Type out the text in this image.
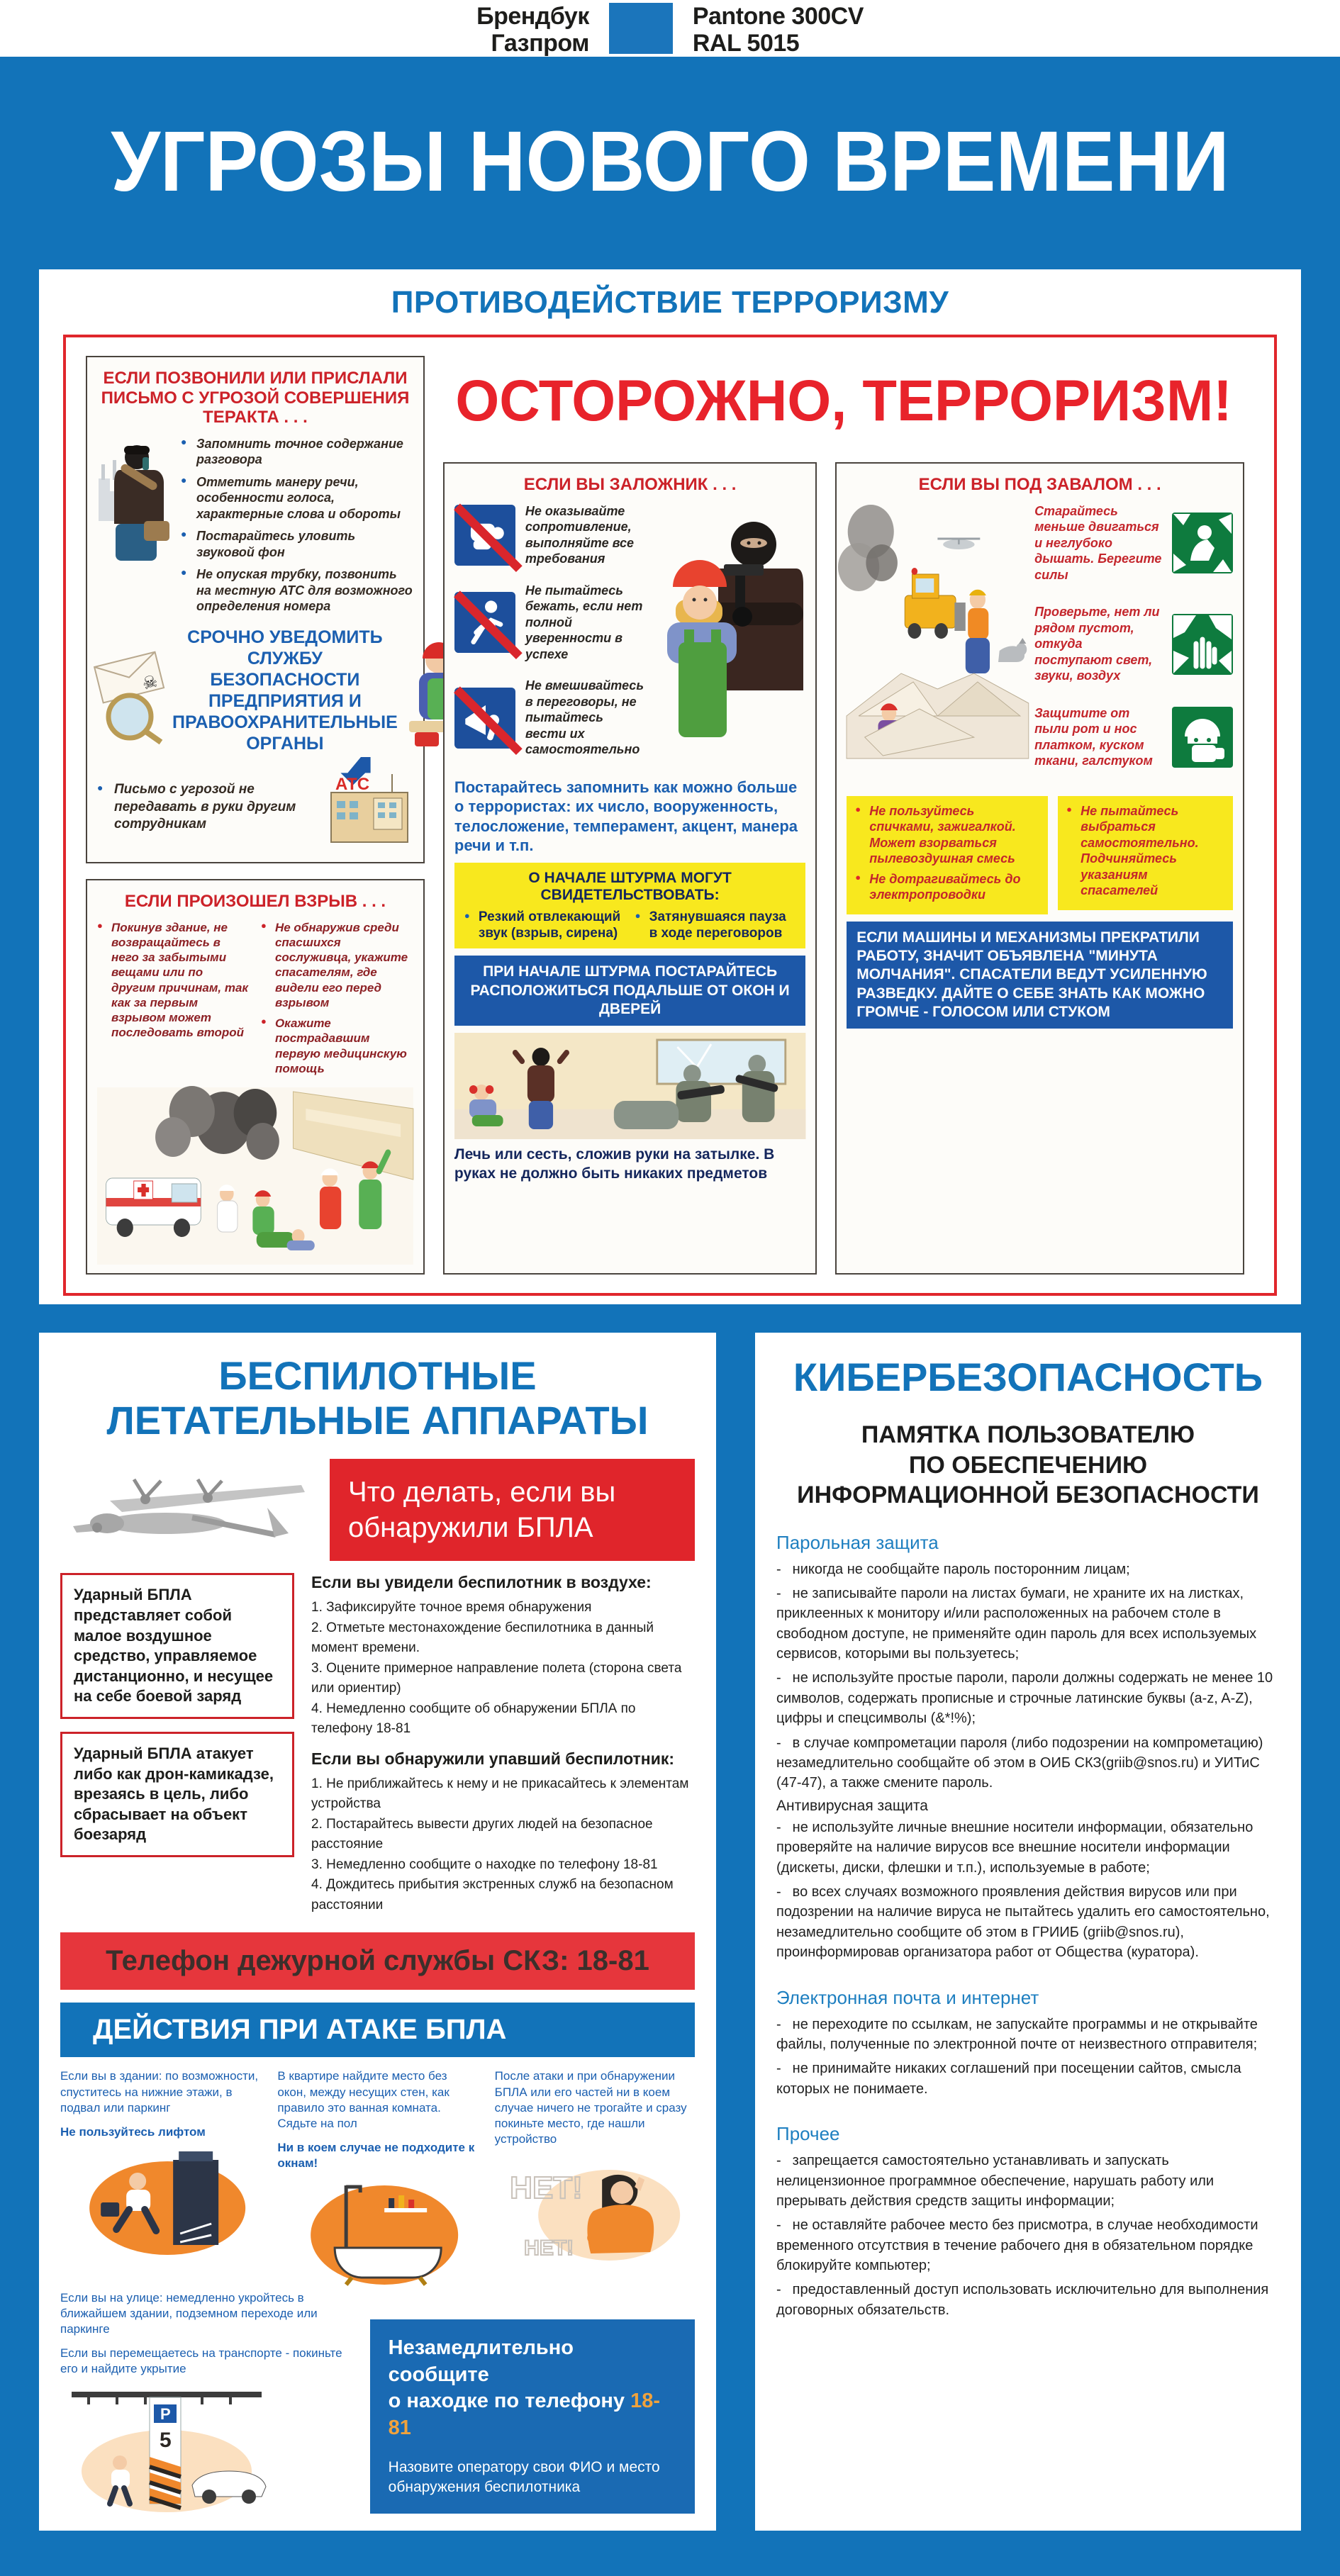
Брендбук
Газпром
Pantone 300CV
RAL 5015
УГРОЗЫ НОВОГО ВРЕМЕНИ
ПРОТИВОДЕЙСТВИЕ ТЕРРОРИЗМУ
ЕСЛИ ПОЗВОНИЛИ ИЛИ ПРИСЛАЛИ ПИСЬМО С УГРОЗОЙ СОВЕРШЕНИЯ ТЕРАКТА . . .
● Запомнить точное содержание разговора
● Отметить манеру речи, особенности голоса, характерные слова и обороты
● Постарайтесь уловить звуковой фон
● Не опуская трубку, позвонить на местную АТС для возможного определения номера
☠
СРОЧНО УВЕДОМИТЬ СЛУЖБУ БЕЗОПАСНОСТИ ПРЕДПРИЯТИЯ И ПРАВООХРАНИТЕЛЬНЫЕ ОРГАНЫ
● Письмо с угрозой не передавать в руки другим сотрудникам
АТС
ОСТОРОЖНО, ТЕРРОРИЗМ!
ЕСЛИ ВЫ ЗАЛОЖНИК . . .
Не оказывайте сопротивление, выполняйте все требования
Не пытайтесь бежать, если нет полной уверенности в успехе
Не вмешивайтесь в переговоры, не пытайтесь вести их самостоятельно
Постарайтесь запомнить как можно больше о террористах: их число, вооруженность, телосложение, темперамент, акцент, манера речи и т.п.
О НАЧАЛЕ ШТУРМА МОГУТ СВИДЕТЕЛЬСТВОВАТЬ:
● Резкий отвлекающий звук (взрыв, сирена)
● Затянувшаяся пауза в ходе переговоров
ПРИ НАЧАЛЕ ШТУРМА ПОСТАРАЙТЕСЬ РАСПОЛОЖИТЬСЯ ПОДАЛЬШЕ ОТ ОКОН И ДВЕРЕЙ
Лечь или сесть, сложив руки на затылке. В руках не должно быть никаких предметов
ЕСЛИ ВЫ ПОД ЗАВАЛОМ . . .
Старайтесь меньше двигаться и неглубоко дышать. Берегите силы
Проверьте, нет ли рядом пустот, откуда поступают свет, звуки, воздух
Защитите от пыли рот и нос платком, куском ткани, галстуком
● Не пользуйтесь спичками, зажигалкой. Может взорваться пылевоздушная смесь
● Не дотрагивайтесь до электропроводки
● Не пытайтесь выбраться самостоятельно. Подчиняйтесь указаниям спасателей
ЕСЛИ МАШИНЫ И МЕХАНИЗМЫ ПРЕКРАТИЛИ РАБОТУ, ЗНАЧИТ ОБЪЯВЛЕНА "МИНУТА МОЛЧАНИЯ". СПАСАТЕЛИ ВЕДУТ УСИЛЕННУЮ РАЗВЕДКУ. ДАЙТЕ О СЕБЕ ЗНАТЬ КАК МОЖНО ГРОМЧЕ - ГОЛОСОМ ИЛИ СТУКОМ
ЕСЛИ ПРОИЗОШЕЛ ВЗРЫВ . . .
● Покинув здание, не возвращайтесь в него за забытыми вещами или по другим причинам, так как за первым взрывом может последовать второй
● Не обнаружив среди спасшихся сослуживца, укажите спасателям, где видели его перед взрывом
● Окажите пострадавшим первую медицинскую помощь
БЕСПИЛОТНЫЕ
ЛЕТАТЕЛЬНЫЕ АППАРАТЫ
Что делать, если вы обнаружили БПЛА
Ударный БПЛА представляет собой малое воздушное средство, управляемое дистанционно, и несущее на себе боевой заряд
Ударный БПЛА атакует либо как дрон-камикадзе, врезаясь в цель, либо сбрасывает на объект боезаряд
Если вы увидели беспилотник в воздухе:
1. Зафиксируйте точное время обнаружения
2. Отметьте местонахождение беспилотника в данный момент времени.
3. Оцените примерное направление полета (сторона света или ориентир)
4. Немедленно сообщите об обнаружении БПЛА по телефону 18-81
Если вы обнаружили упавший беспилотник:
1. Не приближайтесь к нему и не прикасайтесь к элементам устройства
2. Постарайтесь вывести других людей на безопасное расстояние
3. Немедленно сообщите о находке по телефону 18-81
4. Дождитесь прибытия экстренных служб на безопасном расстоянии
Телефон дежурной службы СКЗ: 18-81
ДЕЙСТВИЯ ПРИ АТАКЕ БПЛА

Если вы в здании: по возможности, спуститесь на нижние этажи, в подвал или паркинг

Не пользуйтесь лифтом

В квартире найдите место без окон, между несущих стен, как правило это ванная комната. Сядьте на пол

Ни в коем случае не подходите к окнам!

После атаки и при обнаружении БПЛА или его частей ни в коем случае ничего не трогайте и сразу покиньте место, где нашли устройство

НЕТ!
НЕТ!

Если вы на улице: немедленно укройтесь в ближайшем здании, подземном переходе или паркинге

Если вы перемещаетесь на транспорте - покиньте его и найдите укрытие

P
5
Незамедлительно сообщите
о находке по телефону 18-81
Назовите оператору свои ФИО и место обнаружения беспилотника
КИБЕРБЕЗОПАСНОСТЬ
ПАМЯТКА ПОЛЬЗОВАТЕЛЮ
ПО ОБЕСПЕЧЕНИЮ
ИНФОРМАЦИОННОЙ БЕЗОПАСНОСТИ
Парольная защита
- никогда не сообщайте пароль посторонним лицам;
- не записывайте пароли на листах бумаги, не храните их на листках, приклеенных к монитору и/или расположенных на рабочем столе в свободном доступе, не применяйте один пароль для всех используемых сервисов, которыми вы пользуетесь;
- не используйте простые пароли, пароли должны содержать не менее 10 символов, содержать прописные и строчные латинские буквы (a-z, A-Z), цифры и спецсимволы (&*!%);
- в случае компрометации пароля (либо подозрении на компрометацию) незамедлительно сообщайте об этом в ОИБ СКЗ(griib@snos.ru) и УИТиС (47-47), а также смените пароль.
Антивирусная защита
- не используйте личные внешние носители информации, обязательно проверяйте на наличие вирусов все внешние носители информации (дискеты, диски, флешки и т.п.), используемые в работе;
- во всех случаях возможного проявления действия вирусов или при подозрении на наличие вируса не пытайтесь удалить его самостоятельно, незамедлительно сообщите об этом в ГРИИБ (griib@snos.ru), проинформировав организатора работ от Общества (куратора).
Электронная почта и интернет
- не переходите по ссылкам, не запускайте программы и не открывайте файлы, полученные по электронной почте от неизвестного отправителя;
- не принимайте никаких соглашений при посещении сайтов, смысла которых не понимаете.
Прочее
- запрещается самостоятельно устанавливать и запускать нелицензионное программное обеспечение, нарушать работу или прерывать действия средств защиты информации;
- не оставляйте рабочее место без присмотра, в случае необходимости временного отсутствия в течение рабочего дня в обязательном порядке блокируйте компьютер;
- предоставленный доступ использовать исключительно для выполнения договорных обязательств.
